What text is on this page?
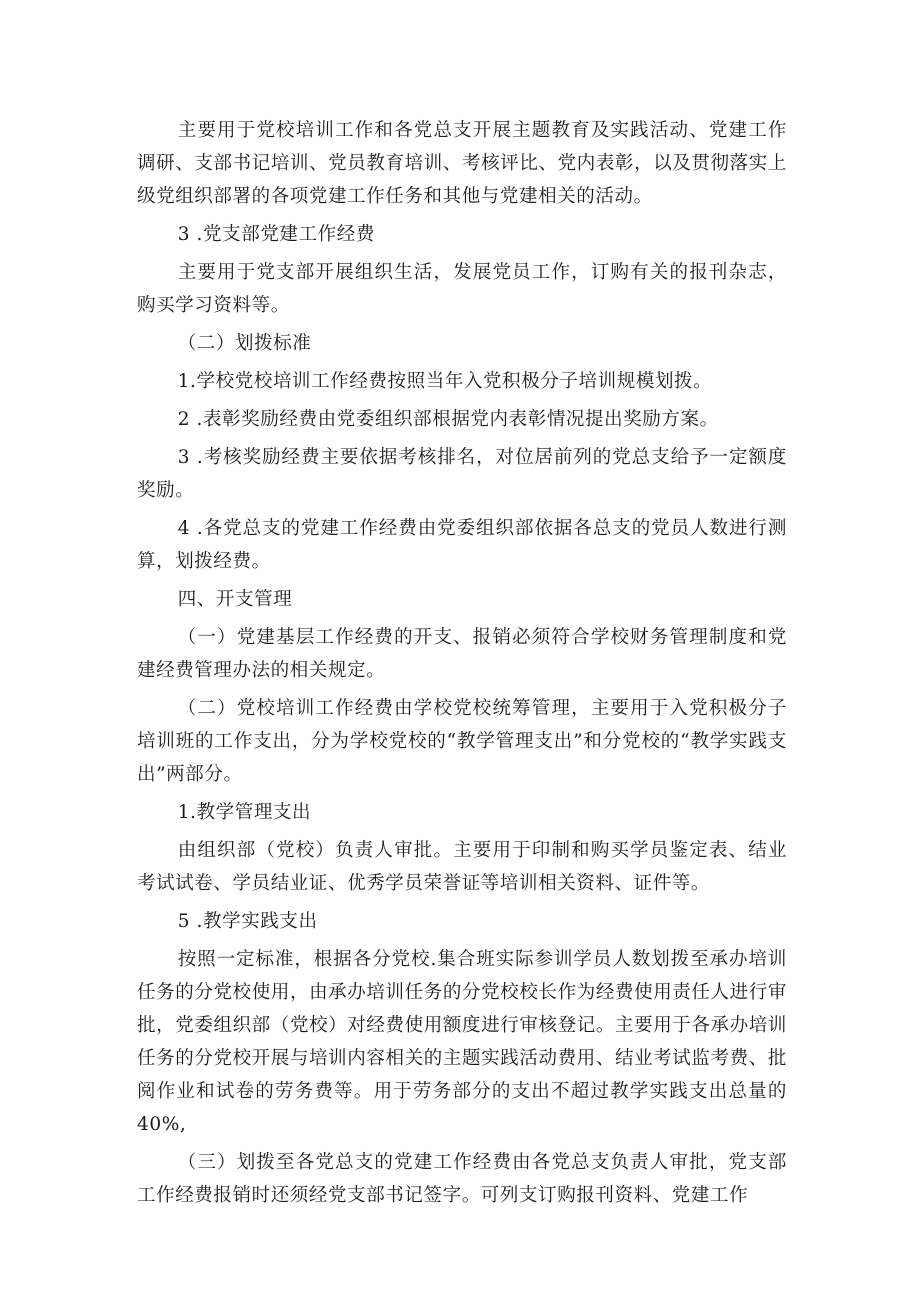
主要用于党校培训工作和各党总支开展主题教育及实践活动、党建工作调研、支部书记培训、党员教育培训、考核评比、党内表彰，以及贯彻落实上级党组织部署的各项党建工作任务和其他与党建相关的活动。

3 .党支部党建工作经费

主要用于党支部开展组织生活，发展党员工作，订购有关的报刊杂志，购买学习资料等。

（二）划拨标准

1.学校党校培训工作经费按照当年入党积极分子培训规模划拨。

2 .表彰奖励经费由党委组织部根据党内表彰情况提出奖励方案。

3 .考核奖励经费主要依据考核排名，对位居前列的党总支给予一定额度奖励。

4 .各党总支的党建工作经费由党委组织部依据各总支的党员人数进行测算，划拨经费。

四、开支管理

（一）党建基层工作经费的开支、报销必须符合学校财务管理制度和党建经费管理办法的相关规定。

（二）党校培训工作经费由学校党校统筹管理，主要用于入党积极分子培训班的工作支出，分为学校党校的“教学管理支出”和分党校的“教学实践支出”两部分。

1.教学管理支出

由组织部（党校）负责人审批。主要用于印制和购买学员鉴定表、结业考试试卷、学员结业证、优秀学员荣誉证等培训相关资料、证件等。

5 .教学实践支出

按照一定标准，根据各分党校.集合班实际参训学员人数划拨至承办培训任务的分党校使用，由承办培训任务的分党校校长作为经费使用责任人进行审批，党委组织部（党校）对经费使用额度进行审核登记。主要用于各承办培训任务的分党校开展与培训内容相关的主题实践活动费用、结业考试监考费、批阅作业和试卷的劳务费等。用于劳务部分的支出不超过教学实践支出总量的40%,

（三）划拨至各党总支的党建工作经费由各党总支负责人审批，党支部工作经费报销时还须经党支部书记签字。可列支订购报刊资料、党建工作
